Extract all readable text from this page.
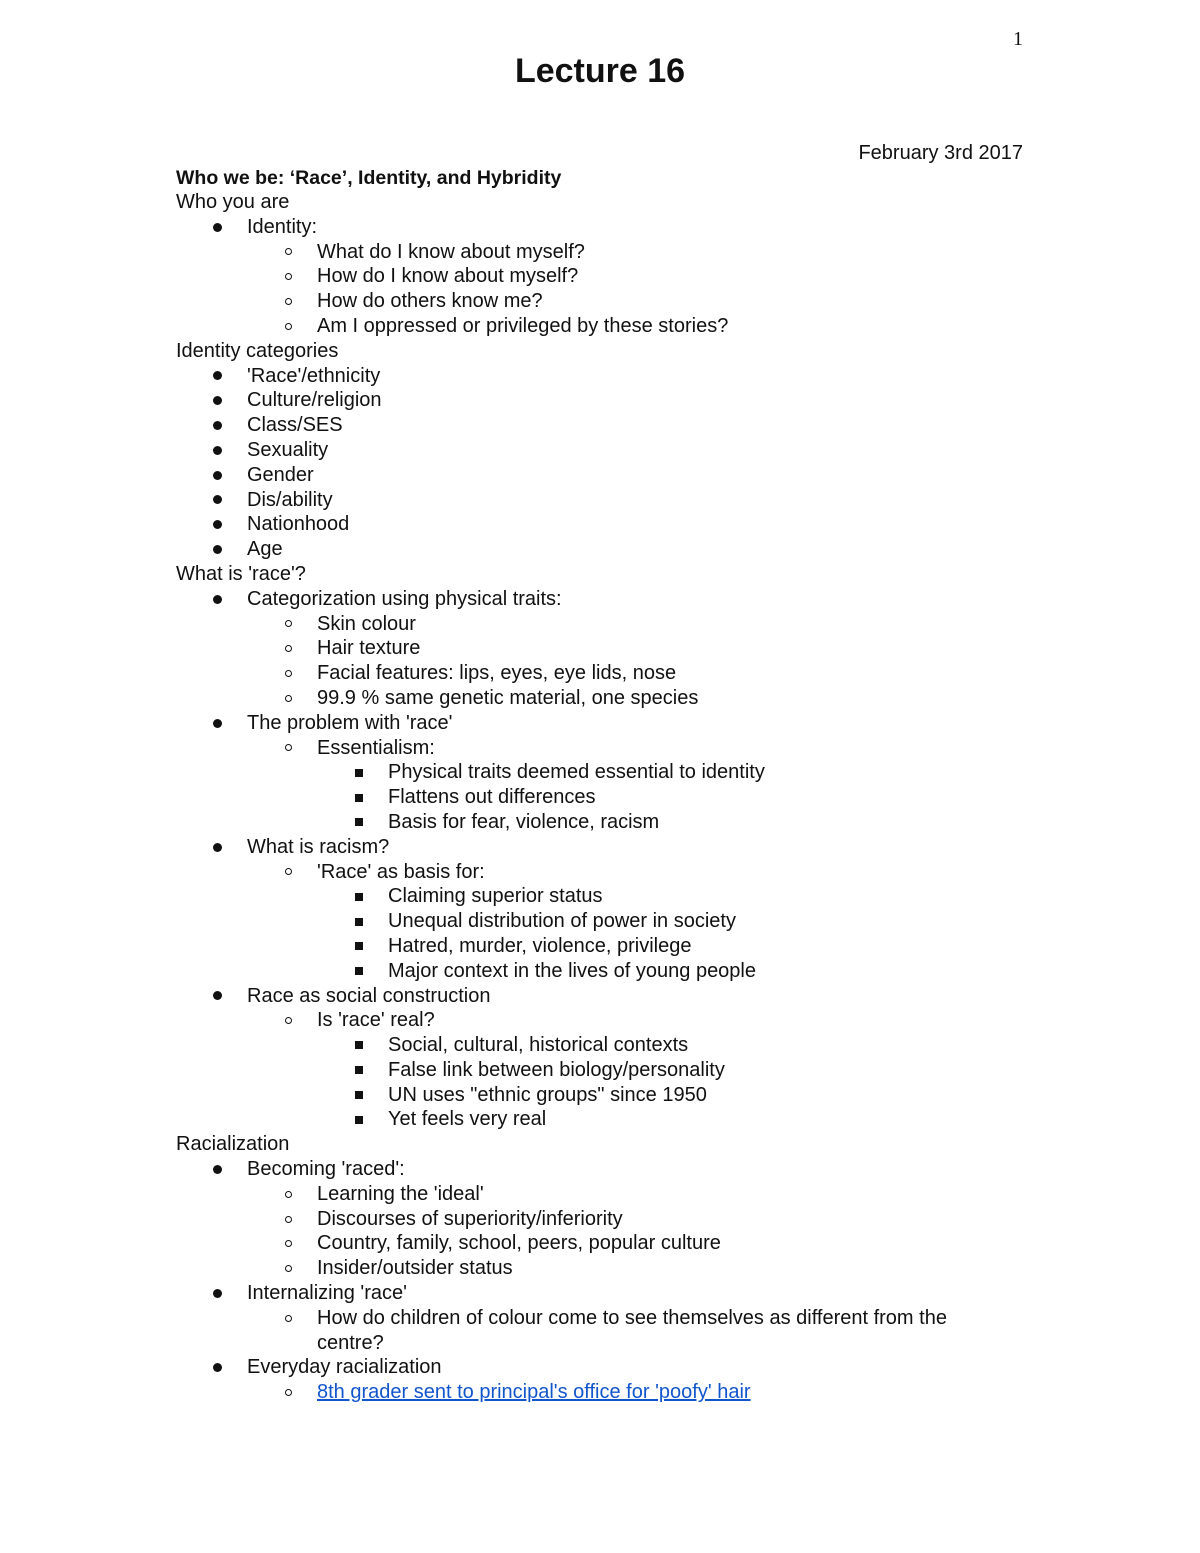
1
Lecture 16
February 3rd 2017
Who we be: ‘Race’, Identity, and Hybridity
Who you are
Identity:
What do I know about myself?
How do I know about myself?
How do others know me?
Am I oppressed or privileged by these stories?
Identity categories
'Race'/ethnicity
Culture/religion
Class/SES
Sexuality
Gender
Dis/ability
Nationhood
Age
What is 'race'?
Categorization using physical traits:
Skin colour
Hair texture
Facial features: lips, eyes, eye lids, nose
99.9 % same genetic material, one species
The problem with 'race'
Essentialism:
Physical traits deemed essential to identity
Flattens out differences
Basis for fear, violence, racism
What is racism?
'Race' as basis for:
Claiming superior status
Unequal distribution of power in society
Hatred, murder, violence, privilege
Major context in the lives of young people
Race as social construction
Is 'race' real?
Social, cultural, historical contexts
False link between biology/personality
UN uses "ethnic groups" since 1950
Yet feels very real
Racialization
Becoming 'raced':
Learning the 'ideal'
Discourses of superiority/inferiority
Country, family, school, peers, popular culture
Insider/outsider status
Internalizing 'race'
How do children of colour come to see themselves as different from the centre?
Everyday racialization
8th grader sent to principal's office for 'poofy' hair
